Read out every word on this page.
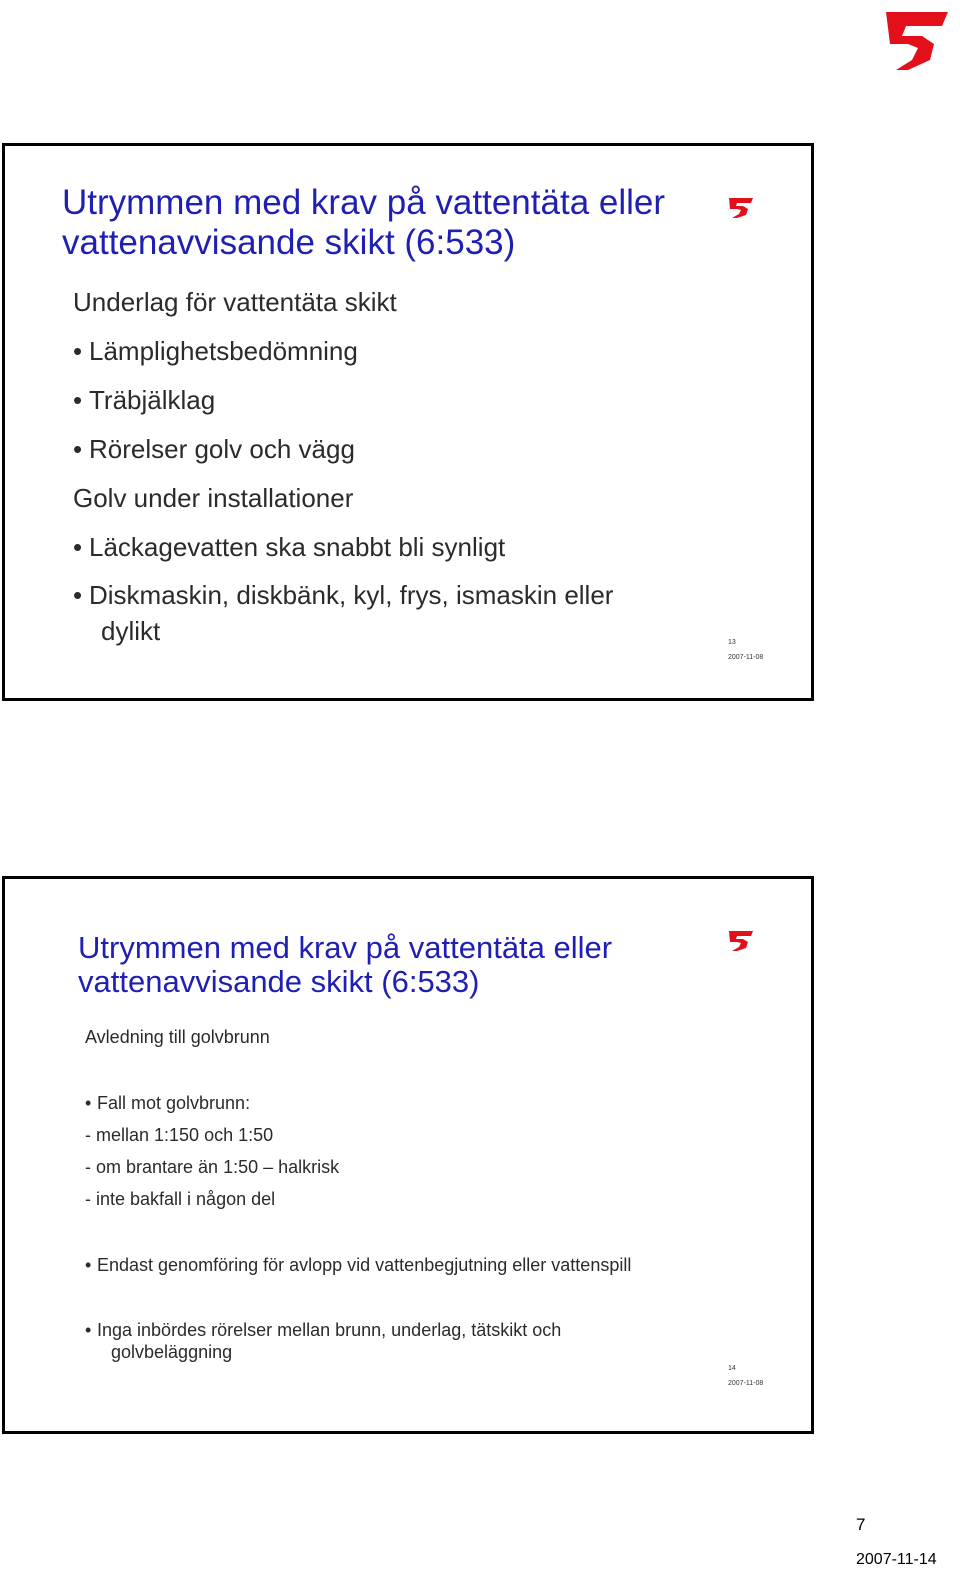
Utrymmen med krav på vattentäta eller
vattenavvisande skikt (6:533)
Underlag för vattentäta skikt
• Lämplighetsbedömning
• Träbjälklag
• Rörelser golv och vägg
Golv under installationer
• Läckagevatten ska snabbt bli synligt
• Diskmaskin, diskbänk, kyl, frys, ismaskin eller
dylikt	13
2007-11-08
Utrymmen med krav på vattentäta eller
vattenavvisande skikt (6:533)
Avledning till golvbrunn
• Fall mot golvbrunn:
- mellan 1:150 och 1:50
- om brantare än 1:50 – halkrisk
- inte bakfall i någon del
• Endast genomföring för avlopp vid vattenbegjutning eller vattenspill
• Inga inbördes rörelser mellan brunn, underlag, tätskikt och
golvbeläggning
14
2007-11-08
7
2007-11-14
